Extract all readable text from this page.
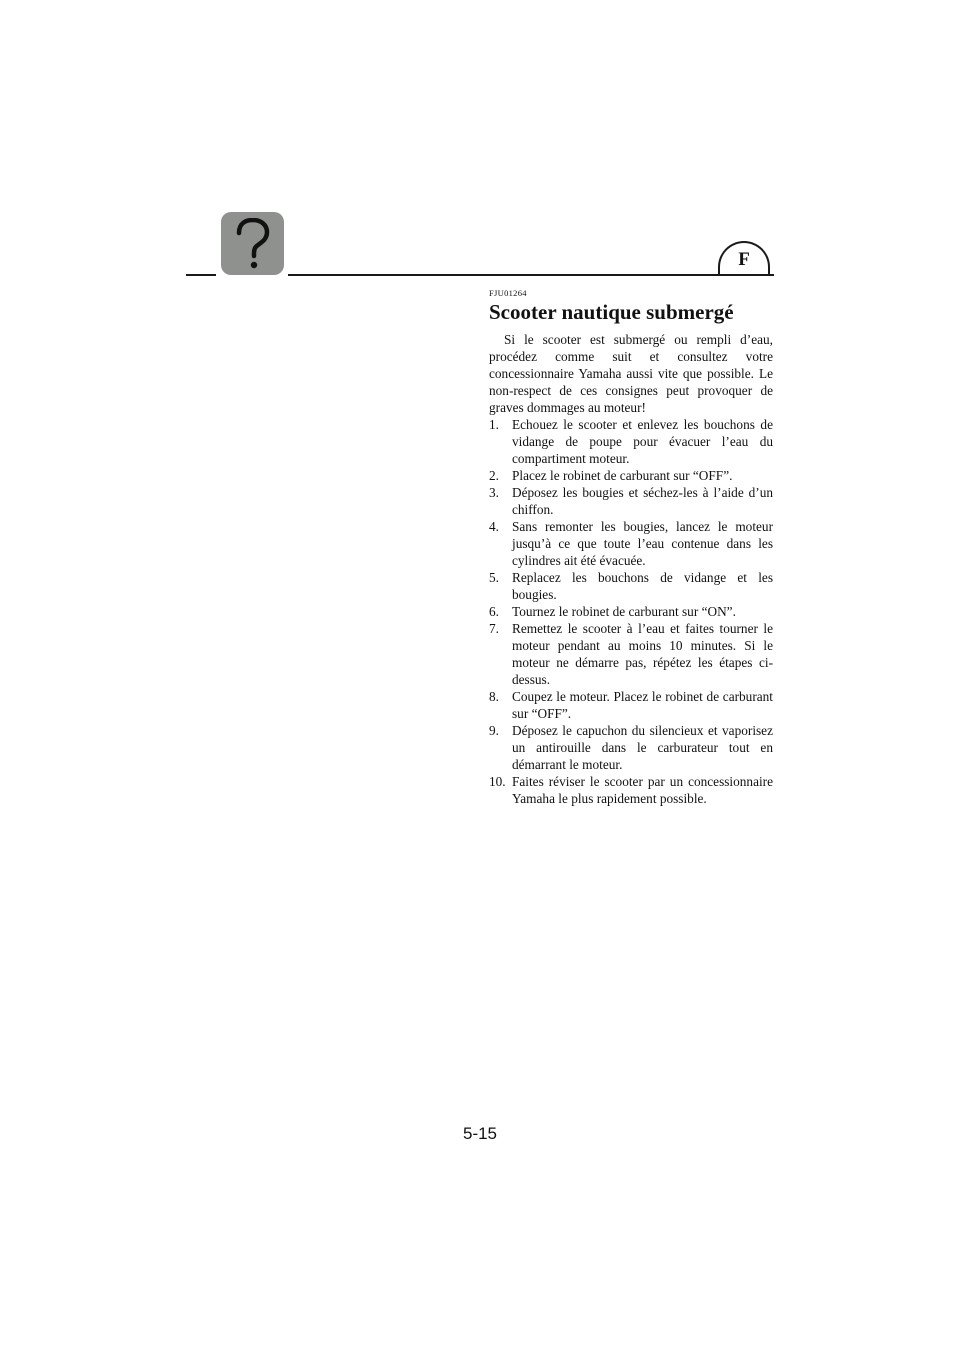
F
FJU01264
Scooter nautique submergé

Si le scooter est submergé ou rempli d’eau, procédez comme suit et consultez votre concessionnaire Yamaha aussi vite que possible. Le non-respect de ces consignes peut provoquer de graves dommages au moteur!

1. Echouez le scooter et enlevez les bouchons de vidange de poupe pour évacuer l’eau du compartiment moteur.
2. Placez le robinet de carburant sur “OFF”.
3. Déposez les bougies et séchez-les à l’aide d’un chiffon.
4. Sans remonter les bougies, lancez le moteur jusqu’à ce que toute l’eau contenue dans les cylindres ait été évacuée.
5. Replacez les bouchons de vidange et les bougies.
6. Tournez le robinet de carburant sur “ON”.
7. Remettez le scooter à l’eau et faites tourner le moteur pendant au moins 10 minutes. Si le moteur ne démarre pas, répétez les étapes ci-dessus.
8. Coupez le moteur. Placez le robinet de carburant sur “OFF”.
9. Déposez le capuchon du silencieux et vaporisez un antirouille dans le carburateur tout en démarrant le moteur.
10. Faites réviser le scooter par un concessionnaire Yamaha le plus rapidement possible.
5-15
